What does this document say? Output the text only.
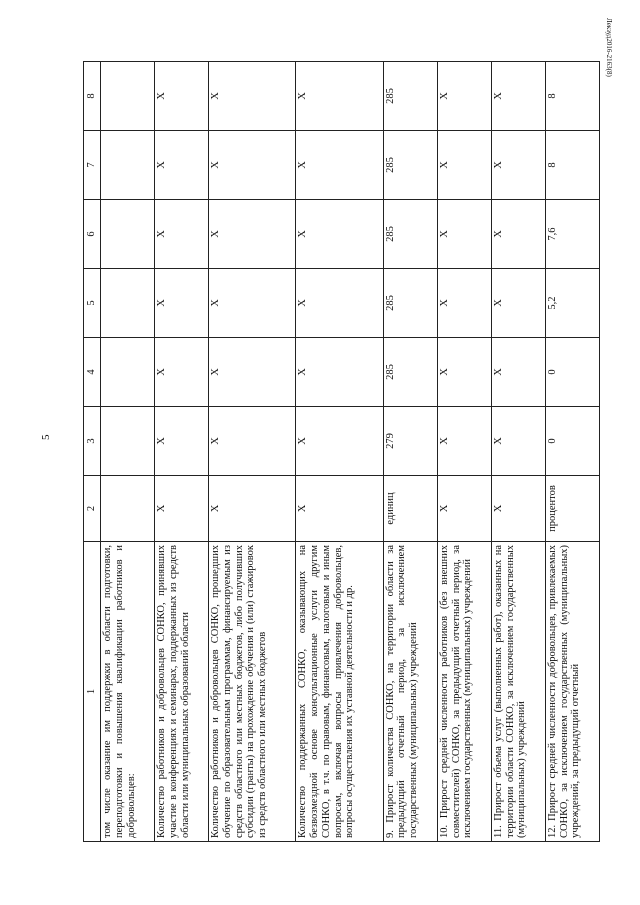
5
Лекзуд2016-2163(8)
1	2	3	4	5	6	7	8
том числе оказание им поддержки в области подготовки, переподготовки и повышения квалификации работников и добровольцев:							
Количество работников и добровольцев СОНКО, принявших участие в конференциях и семинарах, поддержанных из средств области или муниципальных образований области	X	X	X	X	X	X	X
Количество работников и добровольцев СОНКО, прошедших обучение по образовательным программам, финансируемым из средств областного или местных бюджетов, либо получивших субсидии (гранты) на прохождение обучения и (или) стажировок из средств областного или местных бюджетов	X	X	X	X	X	X	X
Количество поддержанных СОНКО, оказывающих на безвозмездной основе консультационные услуги другим СОНКО, в т.ч. по правовым, финансовым, налоговым и иным вопросам, включая вопросы привлечения добровольцев, вопросы осуществления их уставной деятельности и др.	X	X	X	X	X	X	X
9. Прирост количества СОНКО, на территории области за предыдущий отчетный период, за исключением государственных (муниципальных) учреждений	единиц	279	285	285	285	285	285
10. Прирост средней численности работников (без внешних совместителей) СОНКО, за предыдущий отчетный период, за исключением государственных (муниципальных) учреждений	X	X	X	X	X	X	X
11. Прирост объема услуг (выполненных работ), оказанных на территории области СОНКО, за исключением государственных (муниципальных) учреждений	X	X	X	X	X	X	X
12. Прирост средней численности добровольцев, привлекаемых СОНКО, за исключением государственных (муниципальных) учреждений, за предыдущий отчетный	процентов	0	0	5,2	7,6	8	8
